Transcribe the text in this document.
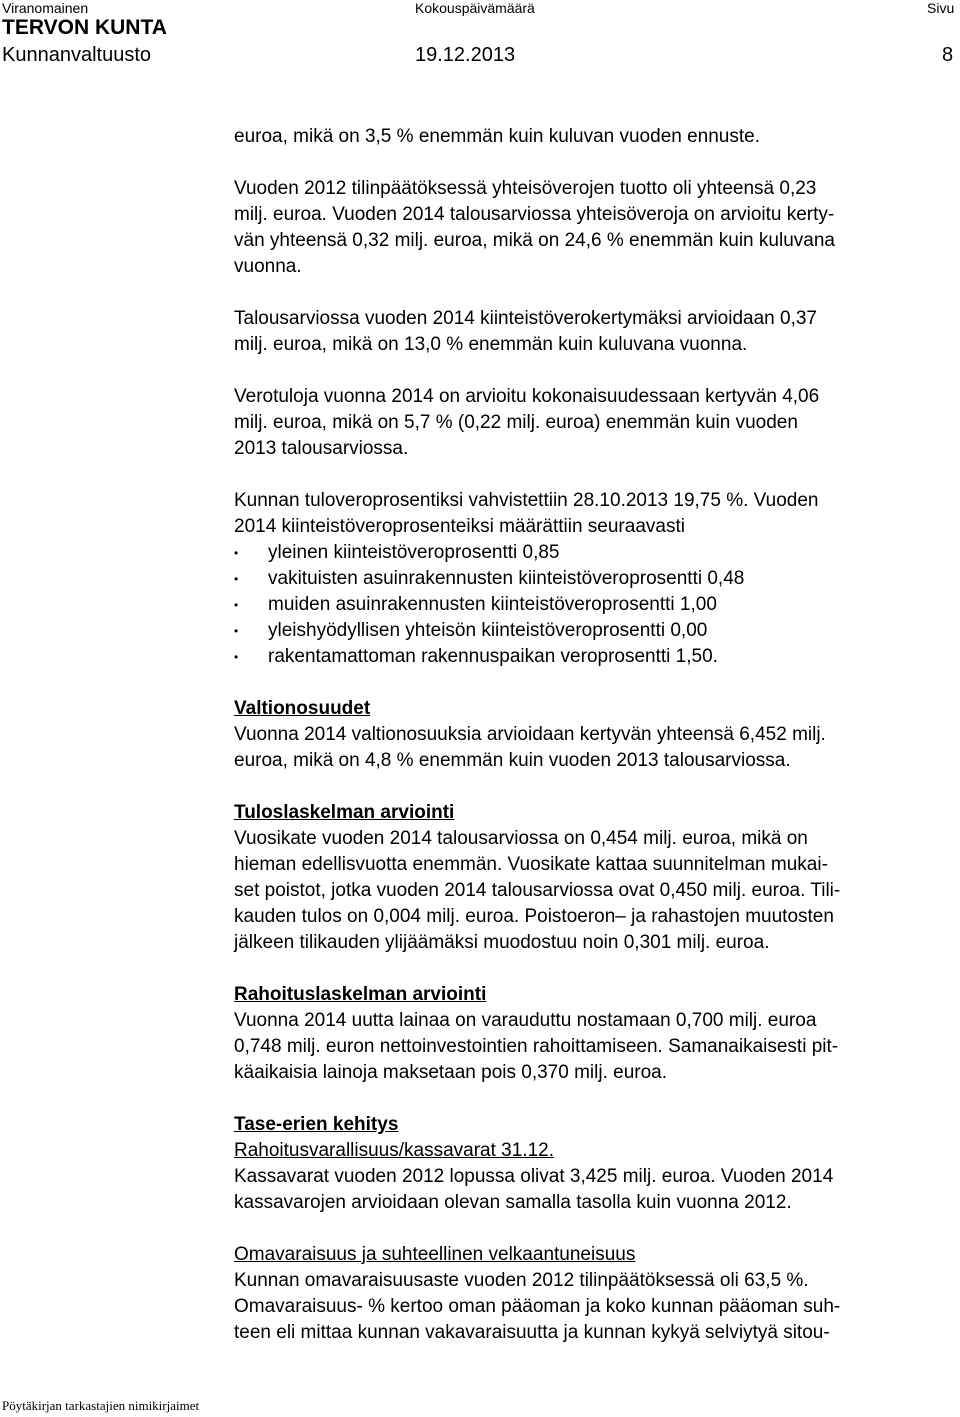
Viranomainen	Kokouspäivämäärä	Sivu
TERVON KUNTA
Kunnanvaltuusto	19.12.2013	8
euroa, mikä on 3,5 % enemmän kuin kuluvan vuoden ennuste.
Vuoden 2012 tilinpäätöksessä yhteisöverojen tuotto oli yhteensä 0,23
milj. euroa. Vuoden 2014 talousarviossa yhteisöveroja on arvioitu kerty-
vän yhteensä 0,32 milj. euroa, mikä on 24,6 % enemmän kuin kuluvana
vuonna.
Talousarviossa vuoden 2014 kiinteistöverokertymäksi arvioidaan 0,37
milj. euroa, mikä on 13,0 % enemmän kuin kuluvana vuonna.
Verotuloja vuonna 2014 on arvioitu kokonaisuudessaan kertyvän 4,06
milj. euroa, mikä on 5,7 % (0,22 milj. euroa) enemmän kuin vuoden
2013 talousarviossa.
Kunnan tuloveroprosentiksi vahvistettiin 28.10.2013 19,75 %. Vuoden
2014 kiinteistöveroprosenteiksi määrättiin seuraavasti
• yleinen kiinteistöveroprosentti 0,85
• vakituisten asuinrakennusten kiinteistöveroprosentti 0,48
• muiden asuinrakennusten kiinteistöveroprosentti 1,00
• yleishyödyllisen yhteisön kiinteistöveroprosentti 0,00
• rakentamattoman rakennuspaikan veroprosentti 1,50.
Valtionosuudet
Vuonna 2014 valtionosuuksia arvioidaan kertyvän yhteensä 6,452 milj.
euroa, mikä on 4,8 % enemmän kuin vuoden 2013 talousarviossa.
Tuloslaskelman arviointi
Vuosikate vuoden 2014 talousarviossa on 0,454 milj. euroa, mikä on
hieman edellisvuotta enemmän. Vuosikate kattaa suunnitelman mukai-
set poistot, jotka vuoden 2014 talousarviossa ovat 0,450 milj. euroa. Tili-
kauden tulos on 0,004 milj. euroa. Poistoeron– ja rahastojen muutosten
jälkeen tilikauden ylijäämäksi muodostuu noin 0,301 milj. euroa.
Rahoituslaskelman arviointi
Vuonna 2014 uutta lainaa on varauduttu nostamaan 0,700 milj. euroa
0,748 milj. euron nettoinvestointien rahoittamiseen. Samanaikaisesti pit-
käaikaisia lainoja maksetaan pois 0,370 milj. euroa.
Tase-erien kehitys
Rahoitusvarallisuus/kassavarat 31.12.
Kassavarat vuoden 2012 lopussa olivat 3,425 milj. euroa. Vuoden 2014
kassavarojen arvioidaan olevan samalla tasolla kuin vuonna 2012.
Omavaraisuus ja suhteellinen velkaantuneisuus
Kunnan omavaraisuusaste vuoden 2012 tilinpäätöksessä oli 63,5 %.
Omavaraisuus- % kertoo oman pääoman ja koko kunnan pääoman suh-
teen eli mittaa kunnan vakavaraisuutta ja kunnan kykyä selviytyä sitou-
Pöytäkirjan tarkastajien nimikirjaimet
